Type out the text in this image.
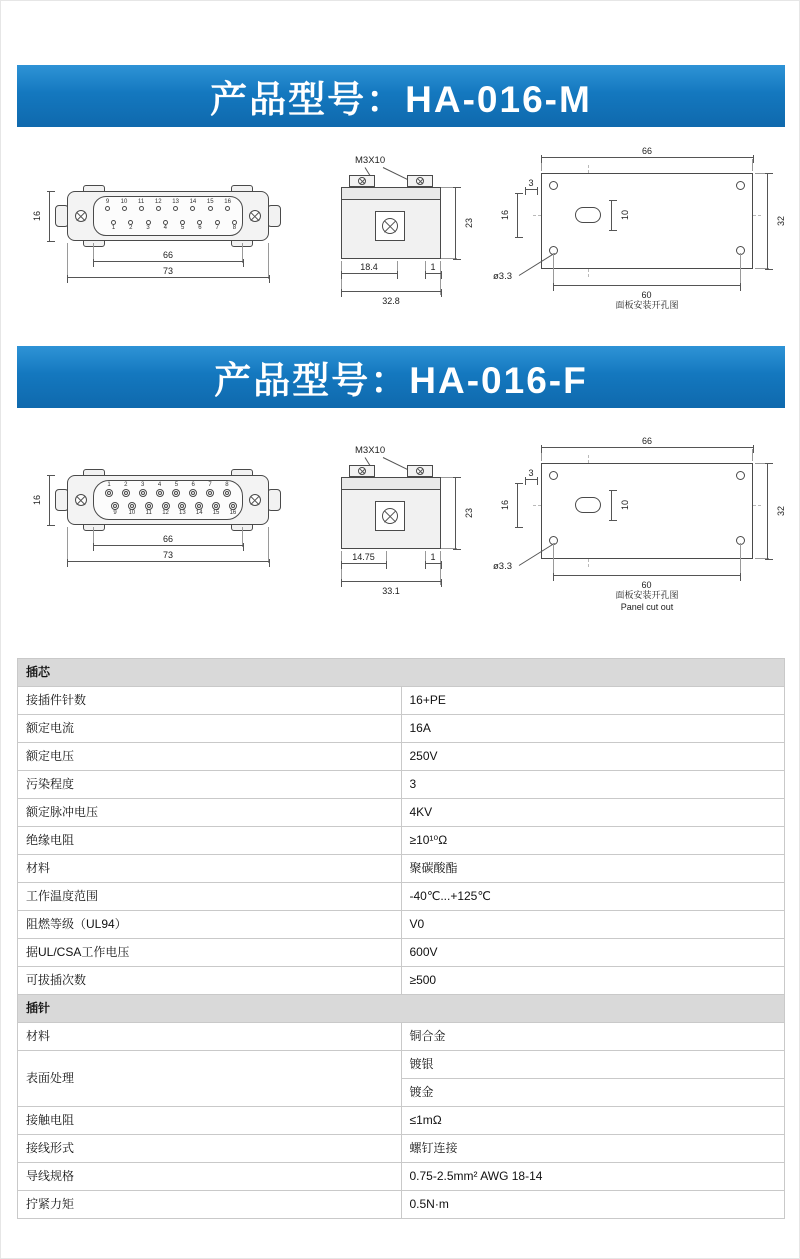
产品型号：HA-016-M
9 10 11 12 13 14 15 16
1 2 3 4 5 6 7 8
16
66
73
M3X10
23
18.4	1
32.8
66
32
3
16	10
ø3.3
60
面板安装开孔图
产品型号：HA-016-F
1 2 3 4 5 6 7 8
9 10 11 12 13 14 15 16
16
66
73
M3X10
23
14.75	1
33.1
66
32
3
16	10
ø3.3
60
面板安装开孔图
Panel cut out
插芯	
接插件针数	16+PE
额定电流	16A
额定电压	250V
污染程度	3
额定脉冲电压	4KV
绝缘电阻	≥10¹⁰Ω
材料	聚碳酸酯
工作温度范围	-40℃...+125℃
阻燃等级（UL94）	V0
据UL/CSA工作电压	600V
可拔插次数	≥500
插针	
材料	铜合金
表面处理	镀银
	镀金
接触电阻	≤1mΩ
接线形式	螺钉连接
导线规格	0.75-2.5mm² AWG 18-14
拧紧力矩	0.5N·m
